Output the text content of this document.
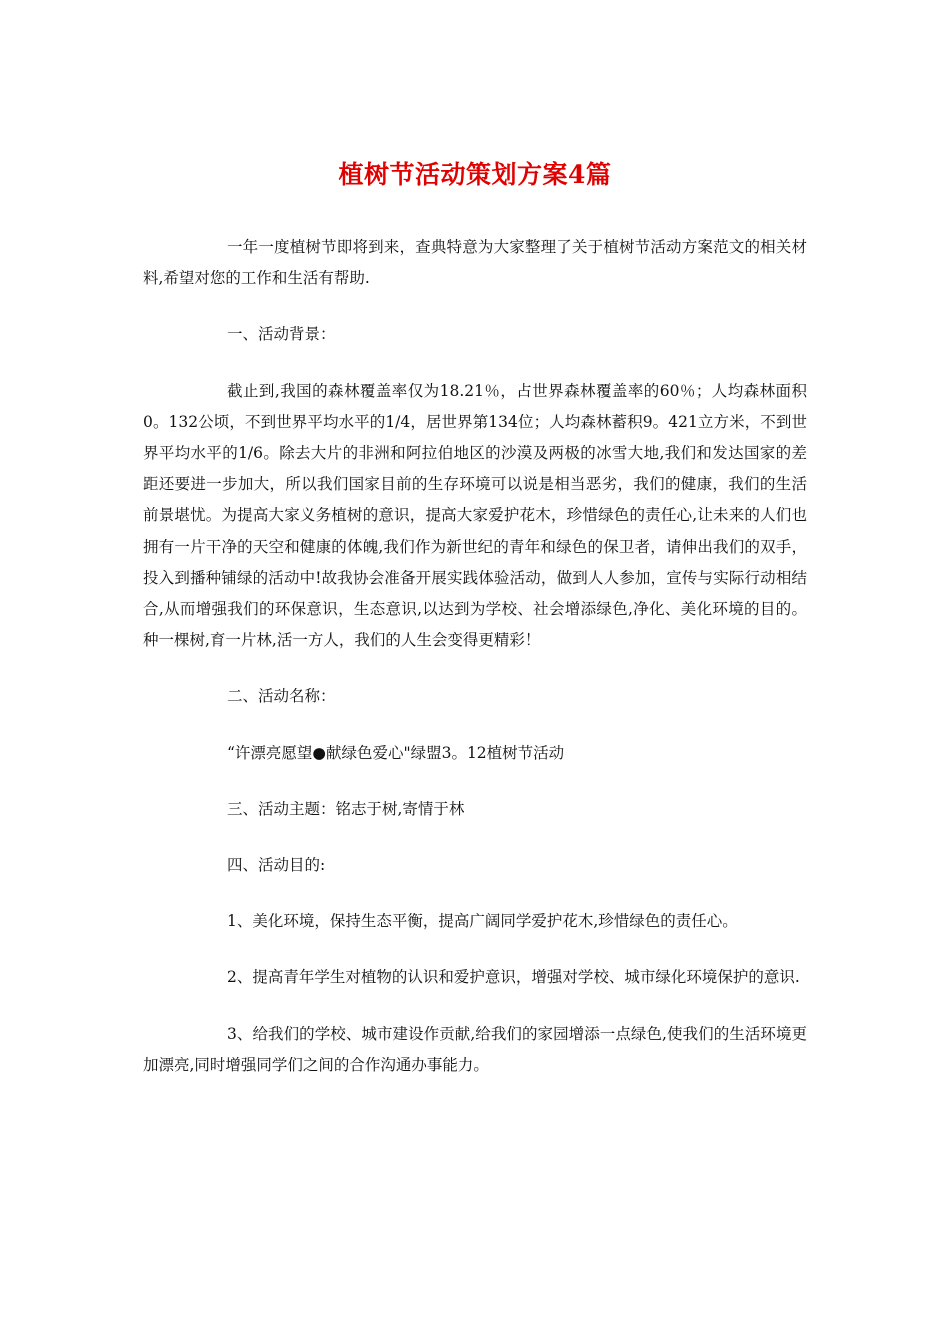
植树节活动策划方案4篇

一年一度植树节即将到来，查典特意为大家整理了关于植树节活动方案范文的相关材料,希望对您的工作和生活有帮助.

一、活动背景：

截止到,我国的森林覆盖率仅为18.21％，占世界森林覆盖率的60％；人均森林面积0。132公顷，不到世界平均水平的1/4，居世界第134位；人均森林蓄积9。421立方米，不到世界平均水平的1/6。除去大片的非洲和阿拉伯地区的沙漠及两极的冰雪大地,我们和发达国家的差距还要进一步加大，所以我们国家目前的生存环境可以说是相当恶劣，我们的健康，我们的生活前景堪忧。为提高大家义务植树的意识，提高大家爱护花木，珍惜绿色的责任心,让未来的人们也拥有一片干净的天空和健康的体魄,我们作为新世纪的青年和绿色的保卫者，请伸出我们的双手，投入到播种铺绿的活动中!故我协会准备开展实践体验活动，做到人人参加，宣传与实际行动相结合,从而增强我们的环保意识，生态意识,以达到为学校、社会增添绿色,净化、美化环境的目的。种一棵树,育一片林,活一方人，我们的人生会变得更精彩！

二、活动名称：

“许漂亮愿望●献绿色爱心"绿盟3。12植树节活动

三、活动主题：铭志于树,寄情于林

四、活动目的:

1、美化环境，保持生态平衡，提高广阔同学爱护花木,珍惜绿色的责任心。

2、提高青年学生对植物的认识和爱护意识，增强对学校、城市绿化环境保护的意识.

3、给我们的学校、城市建设作贡献,给我们的家园增添一点绿色,使我们的生活环境更加漂亮,同时增强同学们之间的合作沟通办事能力。
